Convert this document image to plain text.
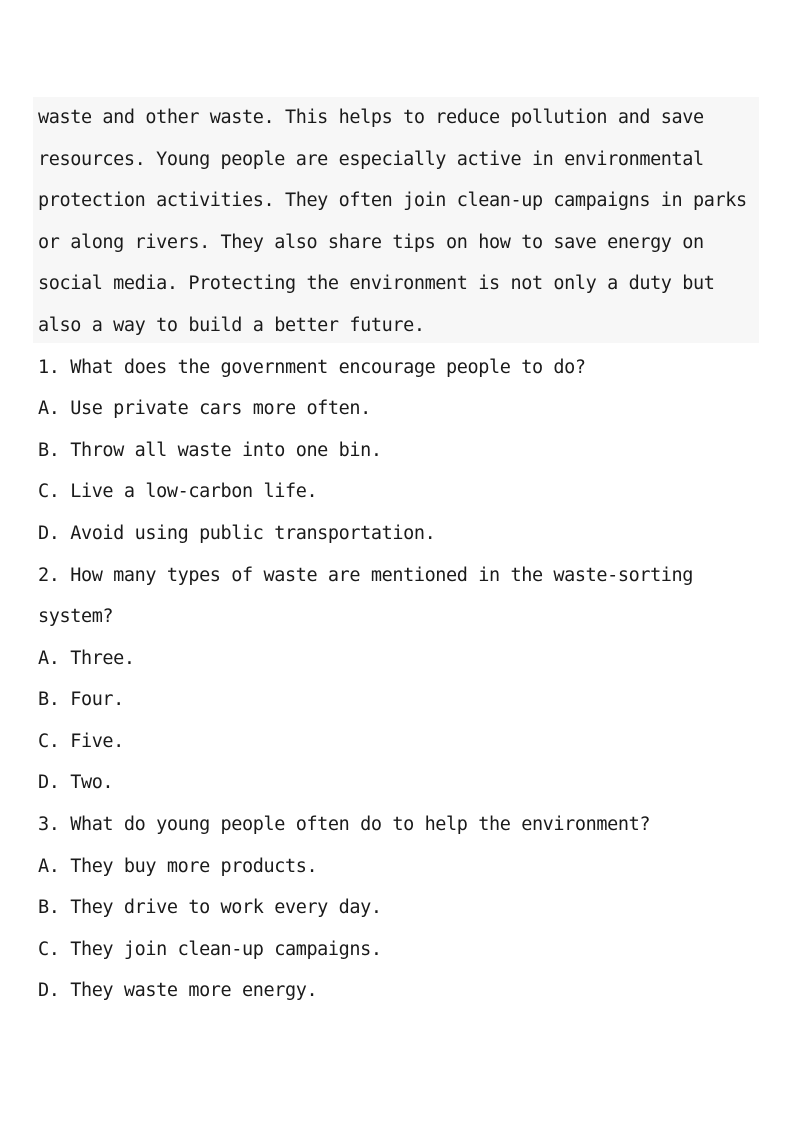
waste and other waste. This helps to reduce pollution and save
resources. Young people are especially active in environmental
protection activities. They often join clean-up campaigns in parks
or along rivers. They also share tips on how to save energy on
social media. Protecting the environment is not only a duty but
also a way to build a better future.
1. What does the government encourage people to do?
A. Use private cars more often.
B. Throw all waste into one bin.
C. Live a low-carbon life.
D. Avoid using public transportation.
2. How many types of waste are mentioned in the waste-sorting
system?
A. Three.
B. Four.
C. Five.
D. Two.
3. What do young people often do to help the environment?
A. They buy more products.
B. They drive to work every day.
C. They join clean-up campaigns.
D. They waste more energy.
